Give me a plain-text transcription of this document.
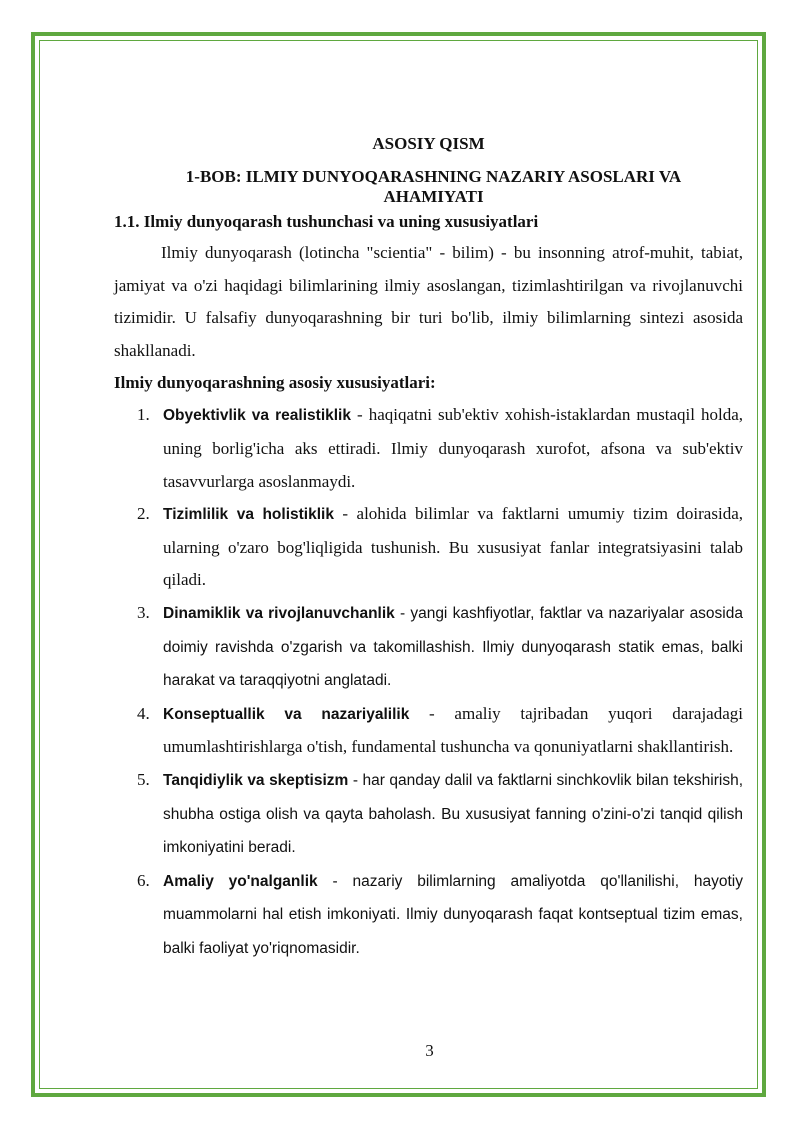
ASOSIY QISM

1-BOB: ILMIY DUNYOQARASHNING NAZARIY ASOSLARI VA AHAMIYATI

1.1. Ilmiy dunyoqarash tushunchasi va uning xususiyatlari

Ilmiy dunyoqarash (lotincha "scientia" - bilim) - bu insonning atrof-muhit, tabiat, jamiyat va o'zi haqidagi bilimlarining ilmiy asoslangan, tizimlashtirilgan va rivojlanuvchi tizimidir. U falsafiy dunyoqarashning bir turi bo'lib, ilmiy bilimlarning sintezi asosida shakllanadi.

Ilmiy dunyoqarashning asosiy xususiyatlari:

1. Obyektivlik va realistiklik - haqiqatni sub'ektiv xohish-istaklardan mustaqil holda, uning borlig'icha aks ettiradi. Ilmiy dunyoqarash xurofot, afsona va sub'ektiv tasavvurlarga asoslanmaydi.
2. Tizimlilik va holistiklik - alohida bilimlar va faktlarni umumiy tizim doirasida, ularning o'zaro bog'liqligida tushunish. Bu xususiyat fanlar integratsiyasini talab qiladi.
3. Dinamiklik va rivojlanuvchanlik - yangi kashfiyotlar, faktlar va nazariyalar asosida doimiy ravishda o'zgarish va takomillashish. Ilmiy dunyoqarash statik emas, balki harakat va taraqqiyotni anglatadi.
4. Konseptuallik va nazariyalilik - amaliy tajribadan yuqori darajadagi umumlashtirishlarga o'tish, fundamental tushuncha va qonuniyatlarni shakllantirish.
5. Tanqidiylik va skeptisizm - har qanday dalil va faktlarni sinchkovlik bilan tekshirish, shubha ostiga olish va qayta baholash. Bu xususiyat fanning o'zini-o'zi tanqid qilish imkoniyatini beradi.
6. Amaliy yo'nalganlik - nazariy bilimlarning amaliyotda qo'llanilishi, hayotiy muammolarni hal etish imkoniyati. Ilmiy dunyoqarash faqat kontseptual tizim emas, balki faoliyat yo'riqnomasidir.
3
